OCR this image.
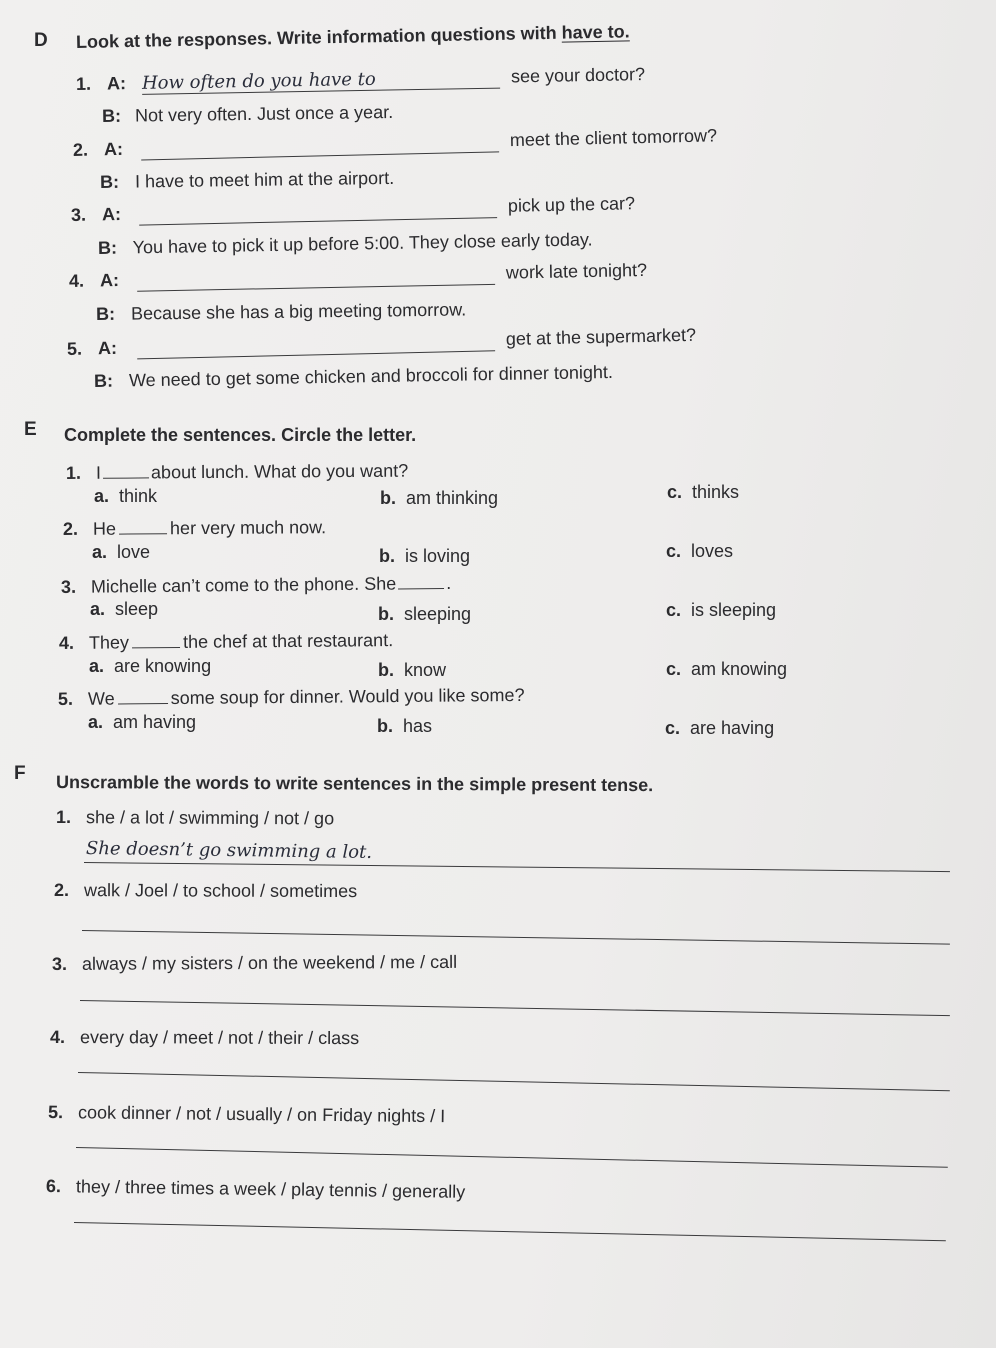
D Look at the responses. Write information questions with have to.
1. A: How often do you have to	see your doctor?
B: Not very often. Just once a year.
2. A:	meet the client tomorrow?
B: I have to meet him at the airport.
3. A:	pick up the car?
B: You have to pick it up before 5:00. They close early today.
4. A:	work late tonight?
B: Because she has a big meeting tomorrow.
5. A:	get at the supermarket?
B: We need to get some chicken and broccoli for dinner tonight.
E Complete the sentences. Circle the letter.
1. I	about lunch. What do you want?
a. think	b. am thinking	c. thinks
2. He	her very much now.
a. love	b. is loving	c. loves
3. Michelle can’t come to the phone. She	.
a. sleep	b. sleeping	c. is sleeping
4. They	the chef at that restaurant.
a. are knowing	b. know	c. am knowing
5. We	some soup for dinner. Would you like some?
a. am having	b. has	c. are having
F Unscramble the words to write sentences in the simple present tense.
1. she / a lot / swimming / not / go
She doesn’t go swimming a lot.
2. walk / Joel / to school / sometimes
3. always / my sisters / on the weekend / me / call
4. every day / meet / not / their / class
5. cook dinner / not / usually / on Friday nights / I
6. they / three times a week / play tennis / generally
